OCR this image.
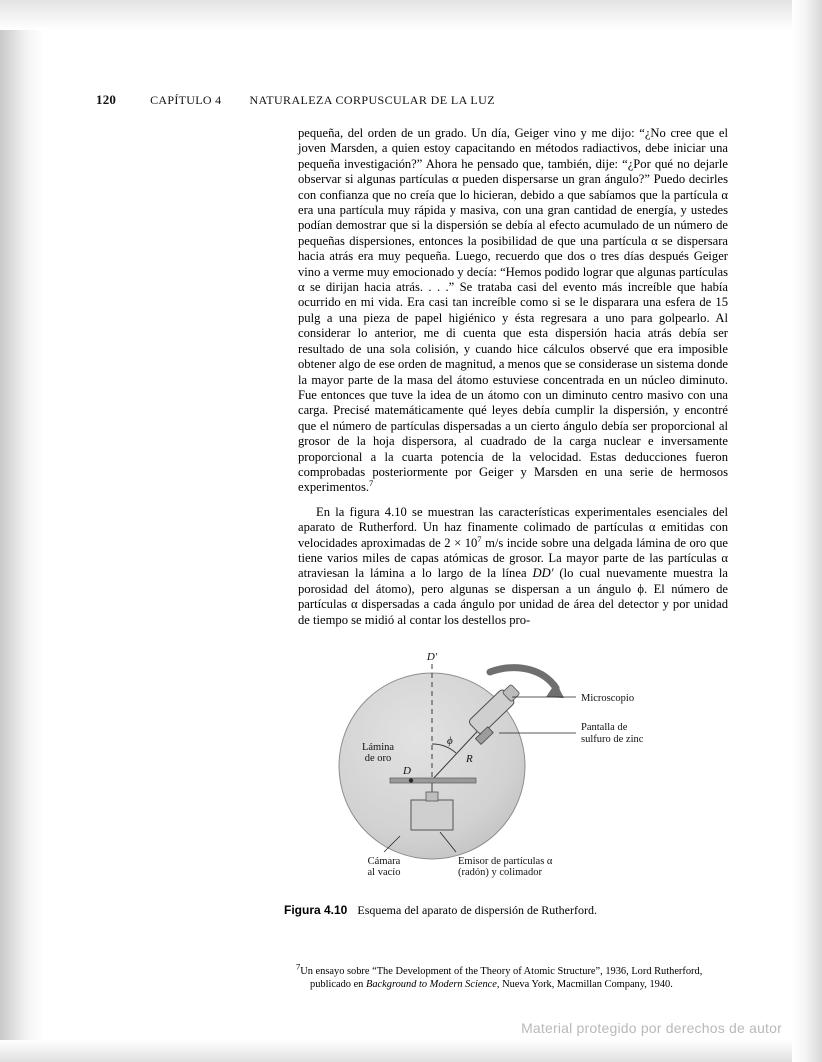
120	CAPÍTULO 4 NATURALEZA CORPUSCULAR DE LA LUZ

pequeña, del orden de un grado. Un día, Geiger vino y me dijo: “¿No cree que el joven Marsden, a quien estoy capacitando en métodos radiactivos, debe iniciar una pequeña investigación?” Ahora he pensado que, también, dije: “¿Por qué no dejarle observar si algunas partículas α pueden dispersarse un gran ángulo?” Puedo decirles con confianza que no creía que lo hicieran, debido a que sabíamos que la partícula α era una partícula muy rápida y masiva, con una gran cantidad de energía, y ustedes podían demostrar que si la dispersión se debía al efecto acumulado de un número de pequeñas dispersiones, entonces la posibilidad de que una partícula α se dispersara hacia atrás era muy pequeña. Luego, recuerdo que dos o tres días después Geiger vino a verme muy emocionado y decía: “Hemos podido lograr que algunas partículas α se dirijan hacia atrás. . . .” Se trataba casi del evento más increíble que había ocurrido en mi vida. Era casi tan increíble como si se le disparara una esfera de 15 pulg a una pieza de papel higiénico y ésta regresara a uno para golpearlo. Al considerar lo anterior, me di cuenta que esta dispersión hacia atrás debía ser resultado de una sola colisión, y cuando hice cálculos observé que era imposible obtener algo de ese orden de magnitud, a menos que se considerase un sistema donde la mayor parte de la masa del átomo estuviese concentrada en un núcleo diminuto. Fue entonces que tuve la idea de un átomo con un diminuto centro masivo con una carga. Precisé matemáticamente qué leyes debía cumplir la dispersión, y encontré que el número de partículas dispersadas a un cierto ángulo debía ser proporcional al grosor de la hoja dispersora, al cuadrado de la carga nuclear e inversamente proporcional a la cuarta potencia de la velocidad. Estas deducciones fueron comprobadas posteriormente por Geiger y Marsden en una serie de hermosos experimentos.$^7$

En la figura 4.10 se muestran las características experimentales esenciales del aparato de Rutherford. Un haz finamente colimado de partículas α emitidas con velocidades aproximadas de $2 \times 10^7$ m/s incide sobre una delgada lámina de oro que tiene varios miles de capas atómicas de grosor. La mayor parte de las partículas α atraviesan la lámina a lo largo de la línea DD′ (lo cual nuevamente muestra la porosidad del átomo), pero algunas se dispersan a un ángulo ϕ. El número de partículas α dispersadas a cada ángulo por unidad de área del detector y por unidad de tiempo se midió al contar los destellos pro-

D′
R
ϕ
D
Lámina
de oro
Microscopio
Pantalla de
sulfuro de zinc
Cámara
al vacío
Emisor de partículas α
(radón) y colimador
Figura 4.10 Esquema del aparato de dispersión de Rutherford.
$^7$Un ensayo sobre “The Development of the Theory of Atomic Structure”, 1936, Lord Rutherford,
publicado en Background to Modern Science, Nueva York, Macmillan Company, 1940.
Material protegido por derechos de autor
